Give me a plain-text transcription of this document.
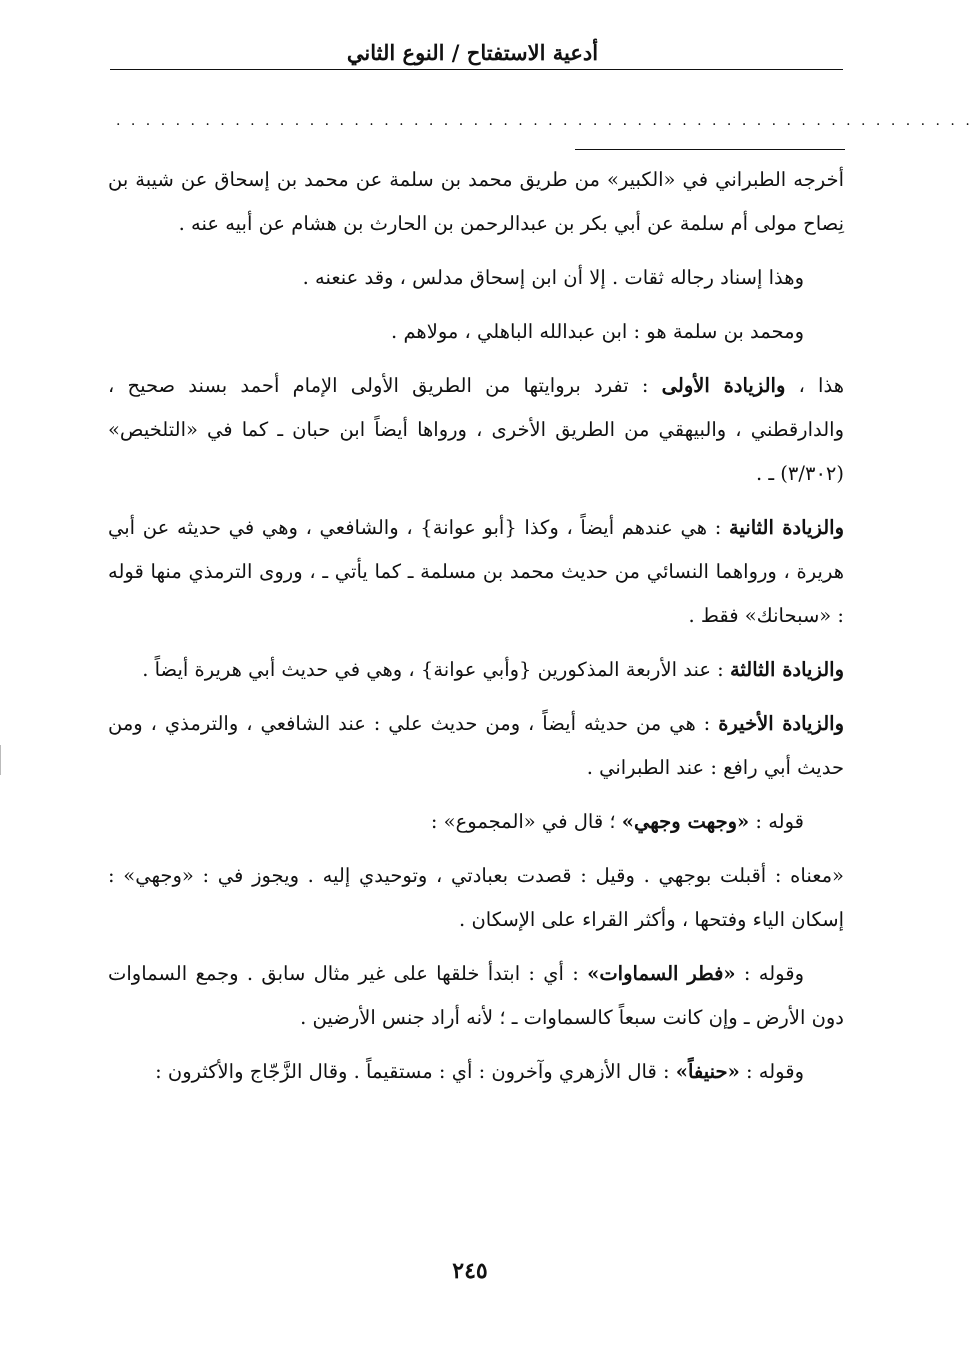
أدعية الاستفتاح / النوع الثاني
. . . . . . . . . . . . . . . . . . . . . . . . . . . . . . . . . . . . . . . . . . . . . . . . . . . . . . . . . .

أخرجه الطبراني في «الكبير» من طريق محمد بن سلمة عن محمد بن إسحاق عن شيبة بن نِصاح مولى أم سلمة عن أبي بكر بن عبدالرحمن بن الحارث بن هشام عن أبيه عنه .

وهذا إسناد رجاله ثقات . إلا أن ابن إسحاق مدلس ، وقد عنعنه .

ومحمد بن سلمة هو : ابن عبدالله الباهلي ، مولاهم .

هذا ، والزيادة الأولى : تفرد بروايتها من الطريق الأولى الإمام أحمد بسند صحيح ، والدارقطني ، والبيهقي من الطريق الأخرى ، ورواها أيضاً ابن حبان ـ كما في «التلخيص» (٣/٣٠٢) ـ .

والزيادة الثانية : هي عندهم أيضاً ، وكذا {أبو عوانة} ، والشافعي ، وهي في حديثه عن أبي هريرة ، ورواهما النسائي من حديث محمد بن مسلمة ـ كما يأتي ـ ، وروى الترمذي منها قوله : «سبحانك» فقط .

والزيادة الثالثة : عند الأربعة المذكورين {وأبي عوانة} ، وهي في حديث أبي هريرة أيضاً .

والزيادة الأخيرة : هي من حديثه أيضاً ، ومن حديث علي : عند الشافعي ، والترمذي ، ومن حديث أبي رافع : عند الطبراني .

قوله : «وجهت وجهي» ؛ قال في «المجموع» :

«معناه : أقبلت بوجهي . وقيل : قصدت بعبادتي ، وتوحيدي إليه . ويجوز في : «وجهي» : إسكان الياء وفتحها ، وأكثر القراء على الإسكان .

وقوله : «فطر السماوات» : أي : ابتدأ خلقها على غير مثال سابق . وجمع السماوات دون الأرض ـ وإن كانت سبعاً كالسماوات ـ ؛ لأنه أراد جنس الأرضين .

وقوله : «حنيفاً» : قال الأزهري وآخرون : أي : مستقيماً . وقال الزَّجّاج والأكثرون :

٢٤٥
